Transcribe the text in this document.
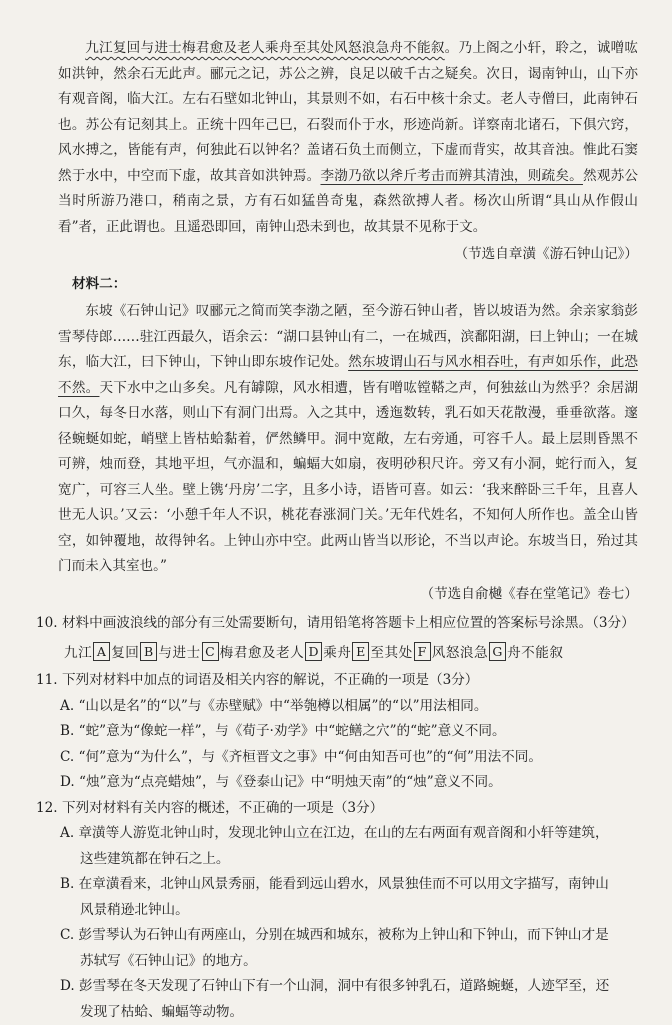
九江复回与进士梅君愈及老人乘舟至其处风怒浪急舟不能叙。乃上阁之小轩，聆之，诚噌吰如洪钟，然余石无此声。郦元之记，苏公之辨，良足以破千古之疑矣。次日，谒南钟山，山下亦有观音阁，临大江。左右石壁如北钟山，其景则不如，右石中核十余丈。老人寺僧曰，此南钟石也。苏公有记刻其上。正统十四年己巳，石裂而仆于水，形迹尚新。详察南北诸石，下俱穴窍，风水搏之，皆能有声，何独此石以钟名？盖诸石负土而侧立，下虚而背实，故其音浊。惟此石窦然于水中，中空而下虚，故其音如洪钟焉。李渤乃欲以斧斤考击而辨其清浊，则疏矣。然观苏公当时所游乃港口，稍南之景，方有石如猛兽奇鬼，森然欲搏人者。杨次山所谓“具山从作假山看”者，正此谓也。且遥恐即回，南钟山恐未到也，故其景不见称于文。

（节选自章潢《游石钟山记》）
材料二：

东坡《石钟山记》叹郦元之简而笑李渤之陋，至今游石钟山者，皆以坡语为然。余亲家翁彭雪琴侍郎……驻江西最久，语余云：“湖口县钟山有二，一在城西，滨鄱阳湖，曰上钟山；一在城东，临大江，曰下钟山，下钟山即东坡作记处。然东坡谓山石与风水相吞吐，有声如乐作，此恐不然。天下水中之山多矣。凡有罅隙，风水相遭，皆有噌吰镗鞳之声，何独兹山为然乎？余居湖口久，每冬日水落，则山下有洞门出焉。入之其中，透迤数转，乳石如天花散漫，垂垂欲落。邃径蜿蜒如蛇，峭壁上皆枯蛤黏着，俨然鳞甲。洞中宽敞，左右旁通，可容千人。最上层則昏黑不可辨，烛而登，其地平坦，气亦温和，蝙蝠大如扇，夜明砂积尺许。旁又有小洞，蛇行而入，复宽广，可容三人坐。壁上镌‘丹房’二字，且多小诗，语皆可喜。如云：‘我来醉卧三千年，且喜人世无人识。’又云：‘小憩千年人不识，桃花春涨洞门关。’无年代姓名，不知何人所作也。盖全山皆空，如钟覆地，故得钟名。上钟山亦中空。此两山皆当以形论，不当以声论。东坡当日，殆过其门而未入其室也。”

（节选自俞樾《春在堂笔记》卷七）
10. 材料中画波浪线的部分有三处需要断句，请用铅笔将答题卡上相应位置的答案标号涂黑。（3分）
九江 A 复回 B 与进士 C 梅君愈及老人 D 乘舟 E 至其处 F 风怒浪急 G 舟不能叙
11. 下列对材料中加点的词语及相关内容的解说，不正确的一项是（3分）
A. “山以是名”的“以”与《赤壁赋》中“举匏樽以相属”的“以”用法相同。
B. “蛇”意为“像蛇一样”，与《荀子·劝学》中“蛇鳝之穴”的“蛇”意义不同。
C. “何”意为“为什么”，与《齐桓晋文之事》中“何由知吾可也”的“何”用法不同。
D. “烛”意为“点亮蜡烛”，与《登泰山记》中“明烛天南”的“烛”意义不同。
12. 下列对材料有关内容的概述，不正确的一项是（3分）
A. 章潢等人游览北钟山时，发现北钟山立在江边，在山的左右两面有观音阁和小轩等建筑，
这些建筑都在钟石之上。
B. 在章潢看来，北钟山风景秀丽，能看到远山碧水，风景独佳而不可以用文字描写，南钟山
风景稍逊北钟山。
C. 彭雪琴认为石钟山有两座山，分别在城西和城东，被称为上钟山和下钟山，而下钟山才是
苏轼写《石钟山记》的地方。
D. 彭雪琴在冬天发现了石钟山下有一个山洞，洞中有很多钟乳石，道路蜿蜒，人迹罕至，还
发现了枯蛤、蝙蝠等动物。
